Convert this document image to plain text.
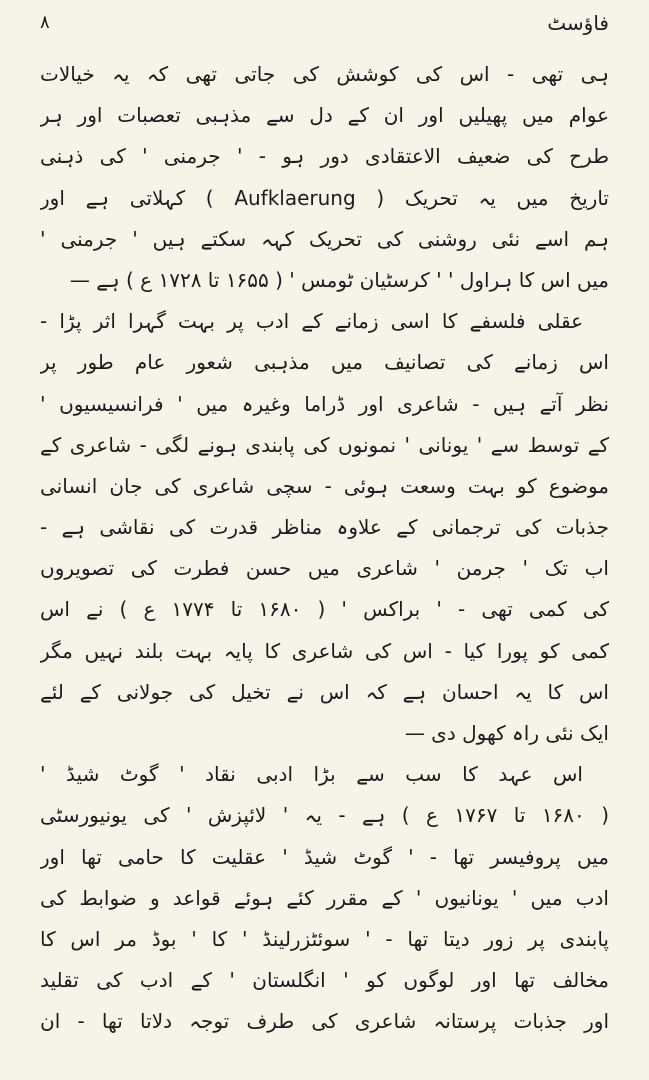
۸	فاؤسٹ
ہی تھی - اس کی کوشش کی جاتی تھی کہ یہ خیالات
عوام میں پھیلیں اور ان کے دل سے مذہبی تعصبات اور ہر
طرح کی ضعیف الاعتقادی دور ہو - ' جرمنی ' کی ذہنی
تاریخ میں یہ تحریک ( Aufklaerung ) کہلاتی ہے اور
ہم اسے نئی روشنی کی تحریک کہہ سکتے ہیں ' جرمنی '
میں اس کا ہراول ' ' کرسٹیان ٹومس ' ( ۱۶۵۵ تا ۱۷۲۸ ع ) ہے —
عقلی فلسفے کا اسی زمانے کے ادب پر بہت گہرا اثر پڑا -
اس زمانے کی تصانیف میں مذہبی شعور عام طور پر
نظر آتے ہیں - شاعری اور ڈراما وغیرہ میں ' فرانسیسیوں '
کے توسط سے ' یونانی ' نمونوں کی پابندی ہونے لگی - شاعری کے
موضوع کو بہت وسعت ہوئی - سچی شاعری کی جان انسانی
جذبات کی ترجمانی کے علاوہ مناظر قدرت کی نقاشی ہے -
اب تک ' جرمن ' شاعری میں حسن فطرت کی تصویروں
کی کمی تھی - ' براکس ' ( ۱۶۸۰ تا ۱۷۷۴ ع ) نے اس
کمی کو پورا کیا - اس کی شاعری کا پایہ بہت بلند نہیں مگر
اس کا یہ احسان ہے کہ اس نے تخیل کی جولانی کے لئے
ایک نئی راہ کھول دی —
اس عہد کا سب سے بڑا ادبی نقاد ' گوٹ شیڈ '
( ۱۶۸۰ تا ۱۷۶۷ ع ) ہے - یہ ' لائپزش ' کی یونیورسٹی
میں پروفیسر تھا - ' گوٹ شیڈ ' عقلیت کا حامی تھا اور
ادب میں ' یونانیوں ' کے مقرر کئے ہوئے قواعد و ضوابط کی
پابندی پر زور دیتا تھا - ' سوئٹزرلینڈ ' کا ' بوڈ مر اس کا
مخالف تھا اور لوگوں کو ' انگلستان ' کے ادب کی تقلید
اور جذبات پرستانہ شاعری کی طرف توجہ دلاتا تھا - ان
